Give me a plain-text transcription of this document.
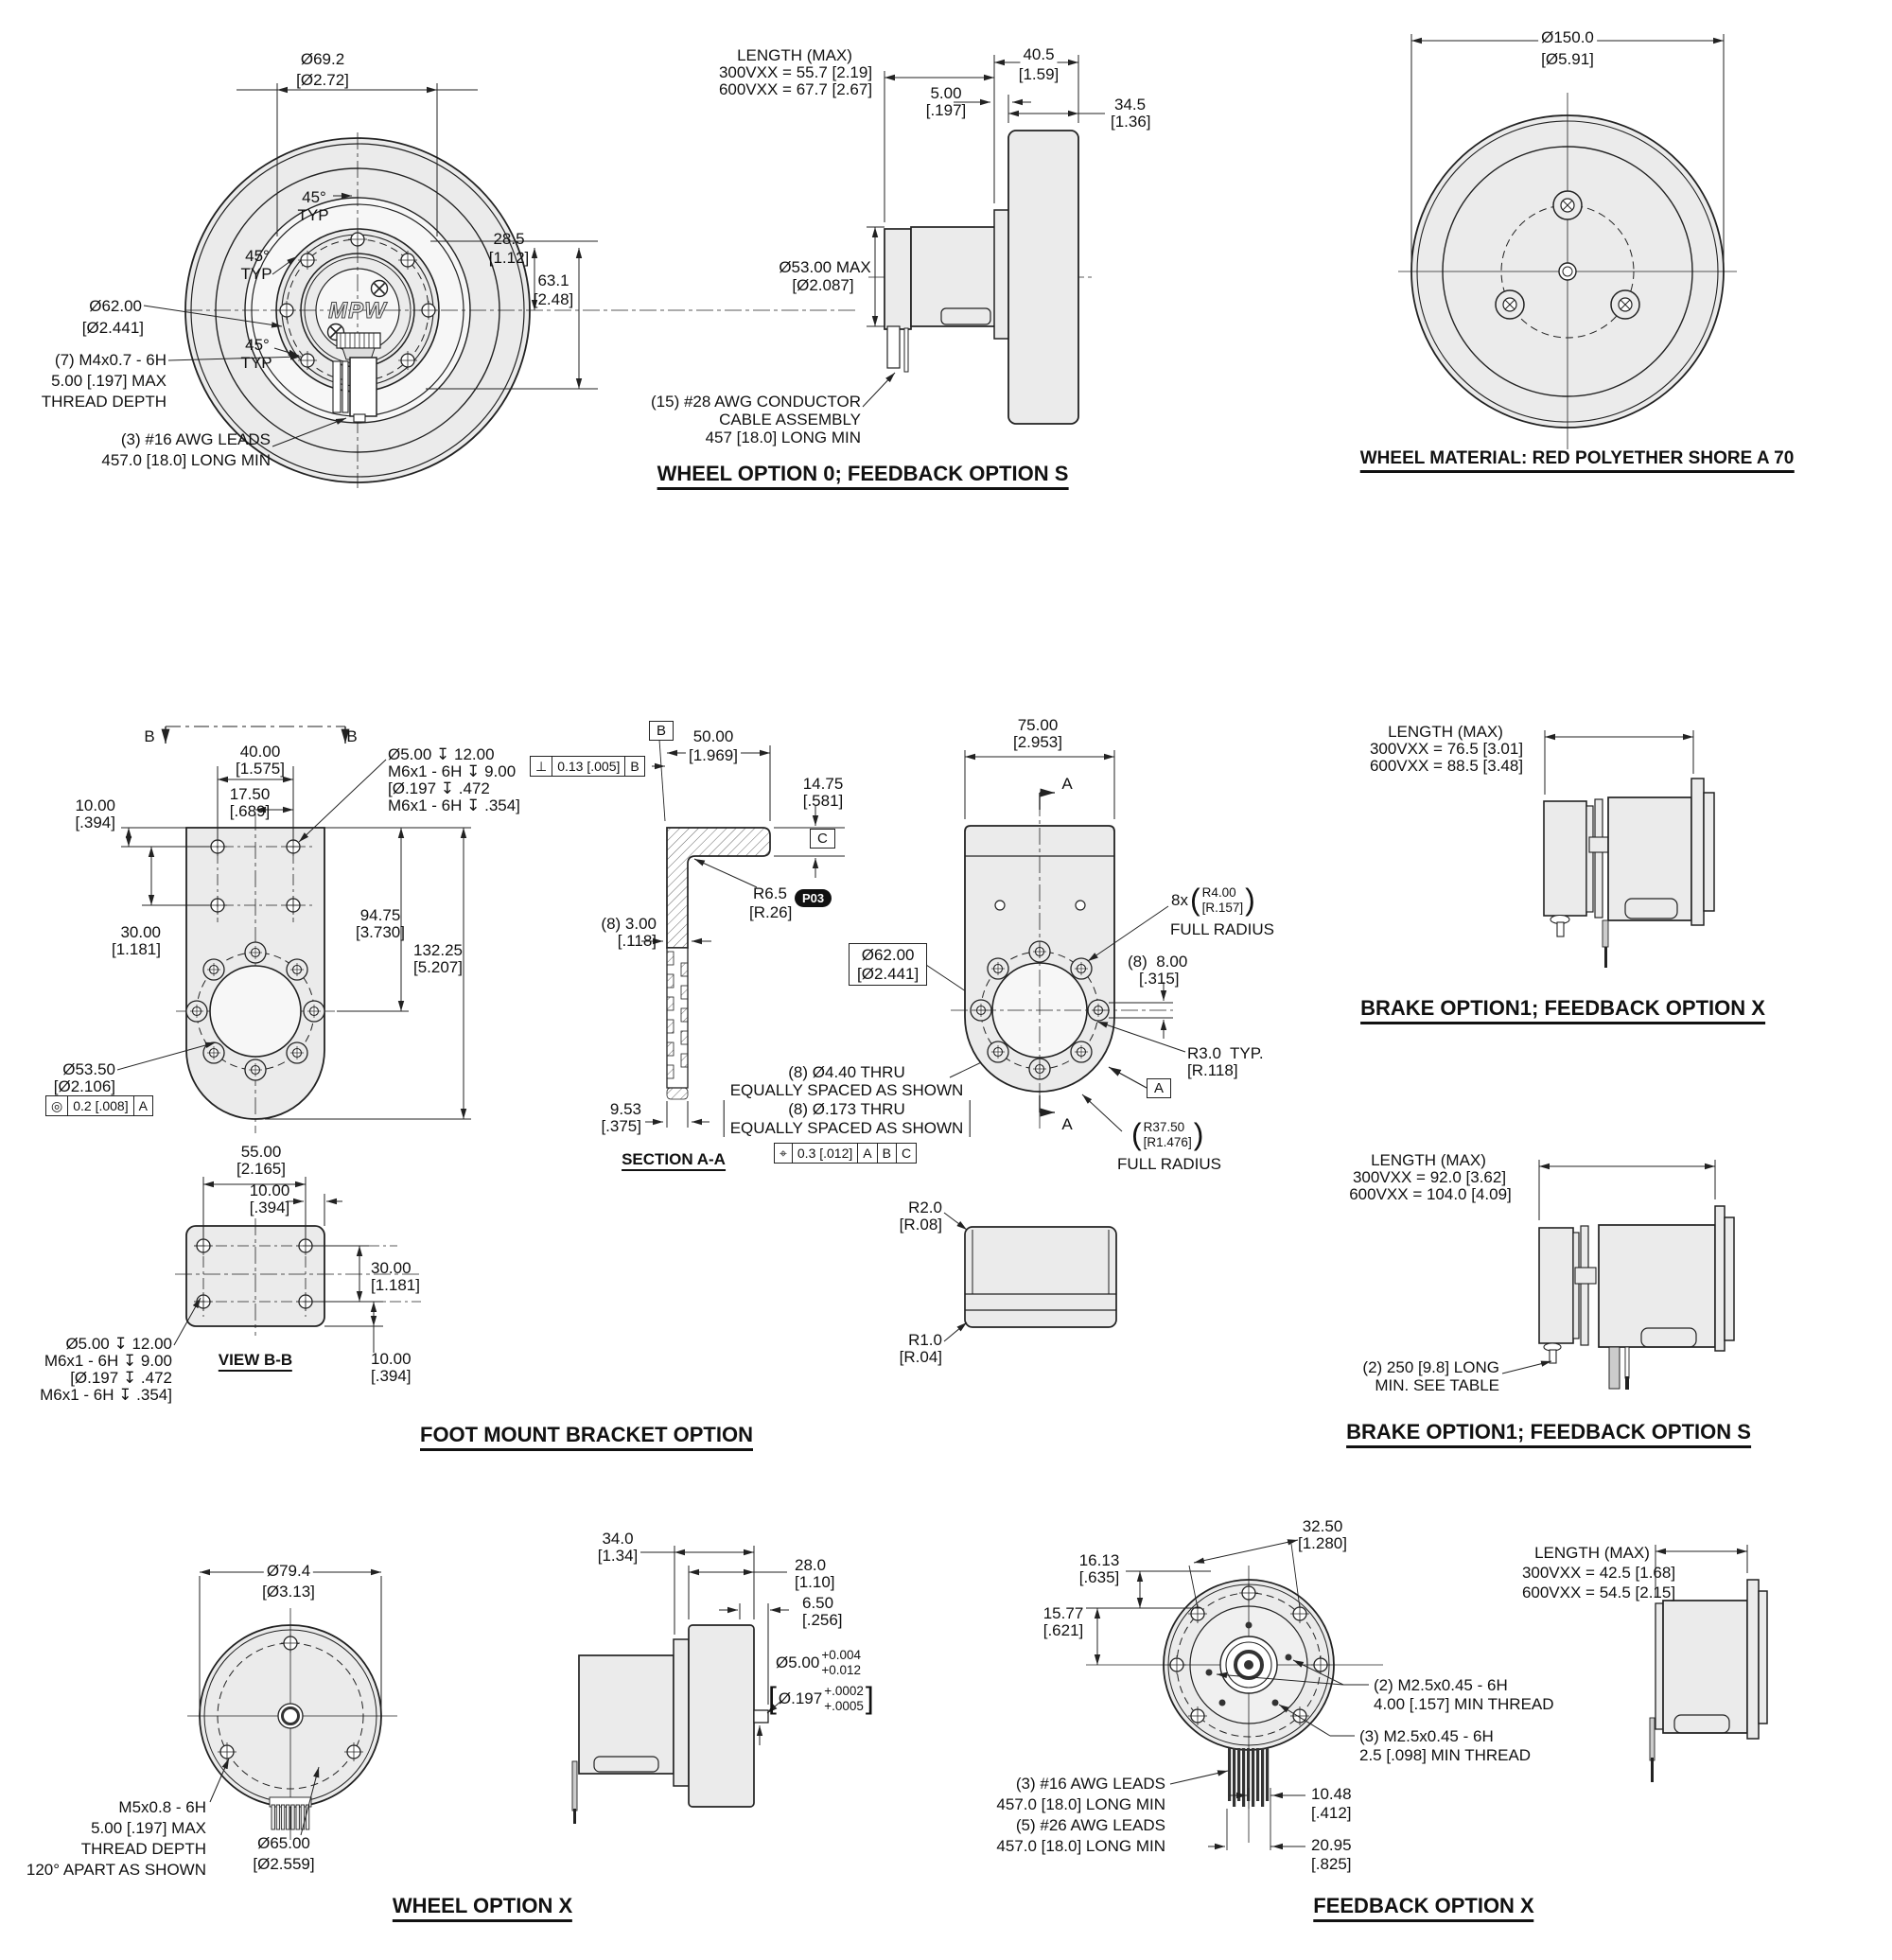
MPW
Ø69.2
[Ø2.72]
45°
TYP
45°
TYP
45°
TYP
Ø62.00
[Ø2.441]
(7) M4x0.7 - 6H
5.00 [.197] MAX
THREAD DEPTH
(3) #16 AWG LEADS
457.0 [18.0] LONG MIN
28.5
[1.12]
63.1
[2.48]
LENGTH (MAX)
300VXX = 55.7 [2.19]
600VXX = 67.7 [2.67]
40.5
[1.59]
5.00
[.197]	34.5
[1.36]
Ø53.00 MAX
[Ø2.087]
(15) #28 AWG CONDUCTOR
CABLE ASSEMBLY
457 [18.0] LONG MIN
WHEEL OPTION 0; FEEDBACK OPTION S
Ø150.0
[Ø5.91]
WHEEL MATERIAL: RED POLYETHER SHORE A 70
B	B
40.00
[1.575]
17.50
[.689]
10.00
[.394]
30.00
[1.181]
Ø5.00 ↧ 12.00
M6x1 - 6H ↧ 9.00
[Ø.197 ↧ .472
M6x1 - 6H ↧ .354]
94.75
[3.730]
132.25
[5.207]
Ø53.50
[Ø2.106]
◎ 0.2 [.008] A
55.00
[2.165]
10.00
[.394]
30.00
[1.181]
10.00
[.394]
Ø5.00 ↧ 12.00
M6x1 - 6H ↧ 9.00
[Ø.197 ↧ .472
M6x1 - 6H ↧ .354]
VIEW B-B
B
⊥ 0.13 [.005] B
50.00
[1.969]
14.75
[.581]
C
R6.5
[R.26]
P03
(8) 3.00
[.118]
9.53
[.375]
SECTION A-A
Ø62.00
[Ø2.441]
(8) Ø4.40 THRU
EQUALLY SPACED AS SHOWN
(8) Ø.173 THRU
EQUALLY SPACED AS SHOWN
⌖ 0.3 [.012] A B C
75.00
[2.953]
A
A
8x ( R4.00
[R.157] )
FULL RADIUS
(8)  8.00
[.315]
R3.0  TYP.
[R.118]
A
( R37.50
[R1.476] )
FULL RADIUS
R2.0
[R.08]
R1.0
[R.04]
FOOT MOUNT BRACKET OPTION
LENGTH (MAX)
300VXX = 76.5 [3.01]
600VXX = 88.5 [3.48]
BRAKE OPTION1; FEEDBACK OPTION X
LENGTH (MAX)
300VXX = 92.0 [3.62]
600VXX = 104.0 [4.09]
(2) 250 [9.8] LONG
MIN. SEE TABLE
BRAKE OPTION1; FEEDBACK OPTION S
Ø79.4
[Ø3.13]
M5x0.8 - 6H
5.00 [.197] MAX
THREAD DEPTH
120° APART AS SHOWN
Ø65.00
[Ø2.559]
WHEEL OPTION X
34.0
[1.34]
28.0
[1.10]
6.50
[.256]
Ø5.00 +0.004
+0.012
[ Ø.197 +.0002
+.0005 ]
32.50
[1.280]
16.13
[.635]
15.77
[.621]
(2) M2.5x0.45 - 6H
4.00 [.157] MIN THREAD
(3) M2.5x0.45 - 6H
2.5 [.098] MIN THREAD
(3) #16 AWG LEADS
457.0 [18.0] LONG MIN
(5) #26 AWG LEADS
457.0 [18.0] LONG MIN
10.48
[.412]
20.95
[.825]
FEEDBACK OPTION X
LENGTH (MAX)
300VXX = 42.5 [1.68]
600VXX = 54.5 [2.15]
